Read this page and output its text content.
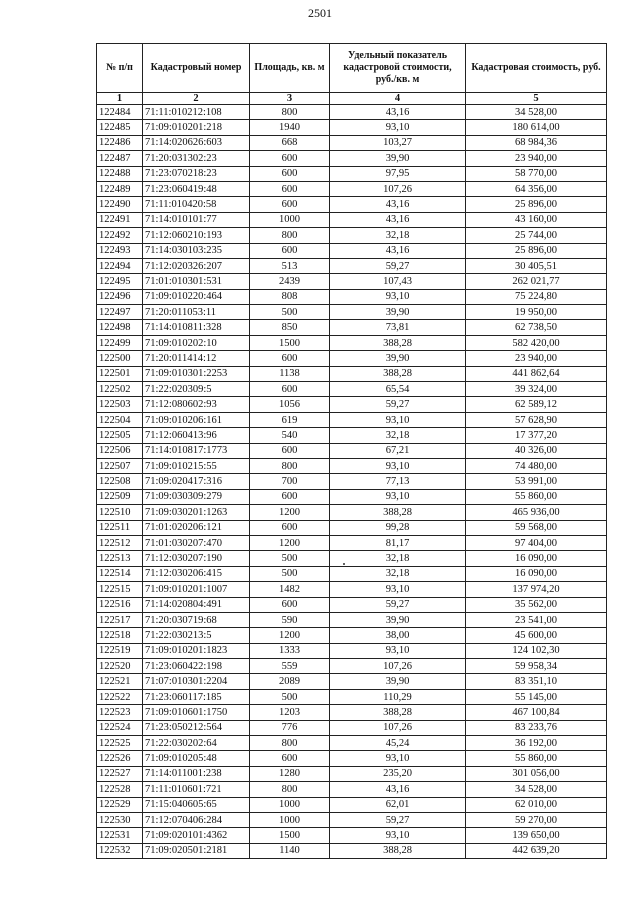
2501
№ п/п	Кадастровый номер	Площадь, кв. м	Удельный показатель кадастровой стоимости, руб./кв. м	Кадастровая стоимость, руб.
1	2	3	4	5
122484	71:11:010212:108	800	43,16	34 528,00
122485	71:09:010201:218	1940	93,10	180 614,00
122486	71:14:020626:603	668	103,27	68 984,36
122487	71:20:031302:23	600	39,90	23 940,00
122488	71:23:070218:23	600	97,95	58 770,00
122489	71:23:060419:48	600	107,26	64 356,00
122490	71:11:010420:58	600	43,16	25 896,00
122491	71:14:010101:77	1000	43,16	43 160,00
122492	71:12:060210:193	800	32,18	25 744,00
122493	71:14:030103:235	600	43,16	25 896,00
122494	71:12:020326:207	513	59,27	30 405,51
122495	71:01:010301:531	2439	107,43	262 021,77
122496	71:09:010220:464	808	93,10	75 224,80
122497	71:20:011053:11	500	39,90	19 950,00
122498	71:14:010811:328	850	73,81	62 738,50
122499	71:09:010202:10	1500	388,28	582 420,00
122500	71:20:011414:12	600	39,90	23 940,00
122501	71:09:010301:2253	1138	388,28	441 862,64
122502	71:22:020309:5	600	65,54	39 324,00
122503	71:12:080602:93	1056	59,27	62 589,12
122504	71:09:010206:161	619	93,10	57 628,90
122505	71:12:060413:96	540	32,18	17 377,20
122506	71:14:010817:1773	600	67,21	40 326,00
122507	71:09:010215:55	800	93,10	74 480,00
122508	71:09:020417:316	700	77,13	53 991,00
122509	71:09:030309:279	600	93,10	55 860,00
122510	71:09:030201:1263	1200	388,28	465 936,00
122511	71:01:020206:121	600	99,28	59 568,00
122512	71:01:030207:470	1200	81,17	97 404,00
122513	71:12:030207:190	500	32,18	16 090,00
122514	71:12:030206:415	500	32,18	16 090,00
122515	71:09:010201:1007	1482	93,10	137 974,20
122516	71:14:020804:491	600	59,27	35 562,00
122517	71:20:030719:68	590	39,90	23 541,00
122518	71:22:030213:5	1200	38,00	45 600,00
122519	71:09:010201:1823	1333	93,10	124 102,30
122520	71:23:060422:198	559	107,26	59 958,34
122521	71:07:010301:2204	2089	39,90	83 351,10
122522	71:23:060117:185	500	110,29	55 145,00
122523	71:09:010601:1750	1203	388,28	467 100,84
122524	71:23:050212:564	776	107,26	83 233,76
122525	71:22:030202:64	800	45,24	36 192,00
122526	71:09:010205:48	600	93,10	55 860,00
122527	71:14:011001:238	1280	235,20	301 056,00
122528	71:11:010601:721	800	43,16	34 528,00
122529	71:15:040605:65	1000	62,01	62 010,00
122530	71:12:070406:284	1000	59,27	59 270,00
122531	71:09:020101:4362	1500	93,10	139 650,00
122532	71:09:020501:2181	1140	388,28	442 639,20
